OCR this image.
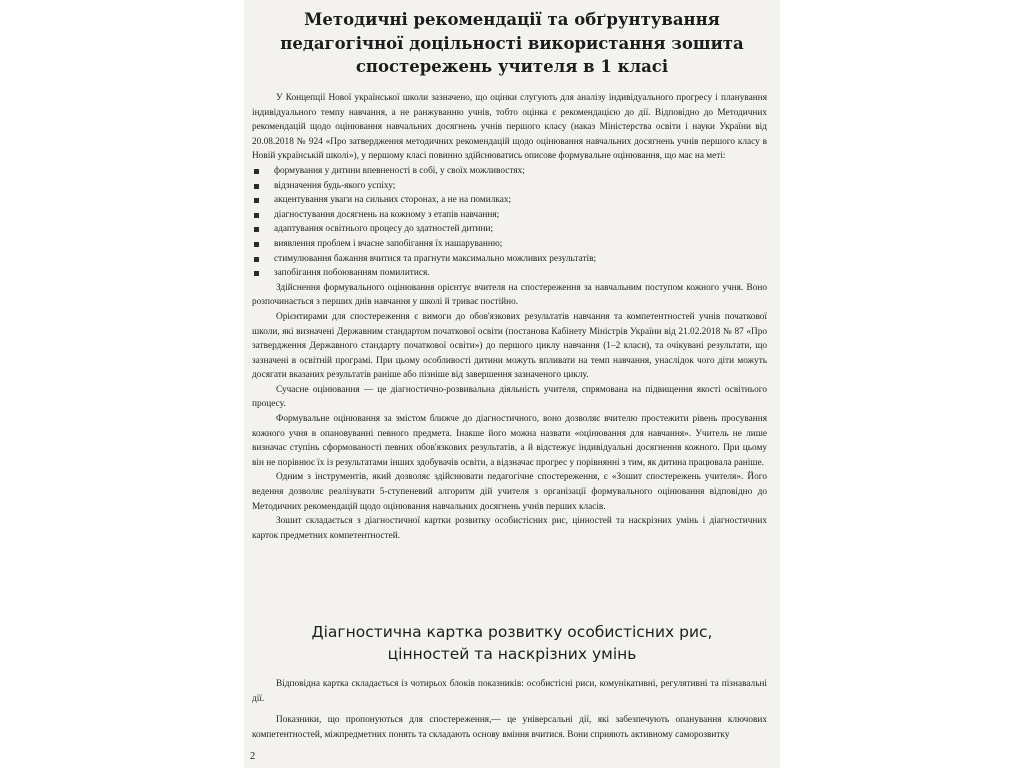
Методичні рекомендації та обґрунтування
педагогічної доцільності використання зошита
спостережень учителя в 1 класі

У Концепції Нової української школи зазначено, що оцінки слугують для аналізу індивідуального прогресу і планування індивідуального темпу навчання, а не ранжуванню учнів, тобто оцінка є рекомендацією до дії. Відповідно до Методичних рекомендацій щодо оцінювання навчальних досягнень учнів першого класу (наказ Міністерства освіти і науки України від 20.08.2018 № 924 «Про затвердження методичних рекомендацій щодо оцінювання навчальних досягнень учнів першого класу в Новій українській школі»), у першому класі повинно здійснюватись описове формувальне оцінювання, що має на меті:

формування у дитини впевненості в собі, у своїх можливостях;
відзначення будь-якого успіху;
акцентування уваги на сильних сторонах, а не на помилках;
діагностування досягнень на кожному з етапів навчання;
адаптування освітнього процесу до здатностей дитини;
виявлення проблем і вчасне запобігання їх нашаруванню;
стимулювання бажання вчитися та прагнути максимально можливих результатів;
запобігання побоюванням помилитися.

Здійснення формувального оцінювання орієнтує вчителя на спостереження за навчальним поступом кожного учня. Воно розпочинається з перших днів навчання у школі й триває постійно.

Орієнтирами для спостереження є вимоги до обов'язкових результатів навчання та компетентностей учнів початкової школи, які визначені Державним стандартом початкової освіти (постанова Кабінету Міністрів України від 21.02.2018 № 87 «Про затвердження Державного стандарту початкової освіти») до першого циклу навчання (1–2 класи), та очікувані результати, що зазначені в освітній програмі. При цьому особливості дитини можуть впливати на темп навчання, унаслідок чого діти можуть досягати вказаних результатів раніше або пізніше від завершення зазначеного циклу.

Сучасне оцінювання — це діагностично-розвивальна діяльність учителя, спрямована на підвищення якості освітнього процесу.

Формувальне оцінювання за змістом ближче до діагностичного, воно дозволяє вчителю простежити рівень просування кожного учня в опановуванні певного предмета. Інакше його можна назвати «оцінювання для навчання». Учитель не лише визначає ступінь сформованості певних обов'язкових результатів, а й відстежує індивідуальні досягнення кожного. При цьому він не порівнює їх із результатами інших здобувачів освіти, а відзначає прогрес у порівнянні з тим, як дитина працювала раніше.

Одним з інструментів, який дозволяє здійснювати педагогічне спостереження, є «Зошит спостережень учителя». Його ведення дозволяє реалізувати 5-ступеневий алгоритм дій учителя з організації формувального оцінювання відповідно до Методичних рекомендацій щодо оцінювання навчальних досягнень учнів перших класів.

Зошит складається з діагностичної картки розвитку особистісних рис, цінностей та наскрізних умінь і діагностичних карток предметних компетентностей.

Діагностична картка розвитку особистісних рис,
цінностей та наскрізних умінь

Відповідна картка складається із чотирьох блоків показників: особистісні риси, комунікативні, регулятивні та пізнавальні дії.

Показники, що пропонуються для спостереження,— це універсальні дії, які забезпечують опанування ключових компетентностей, міжпредметних понять та складають основу вміння вчитися. Вони сприяють активному саморозвитку

2
